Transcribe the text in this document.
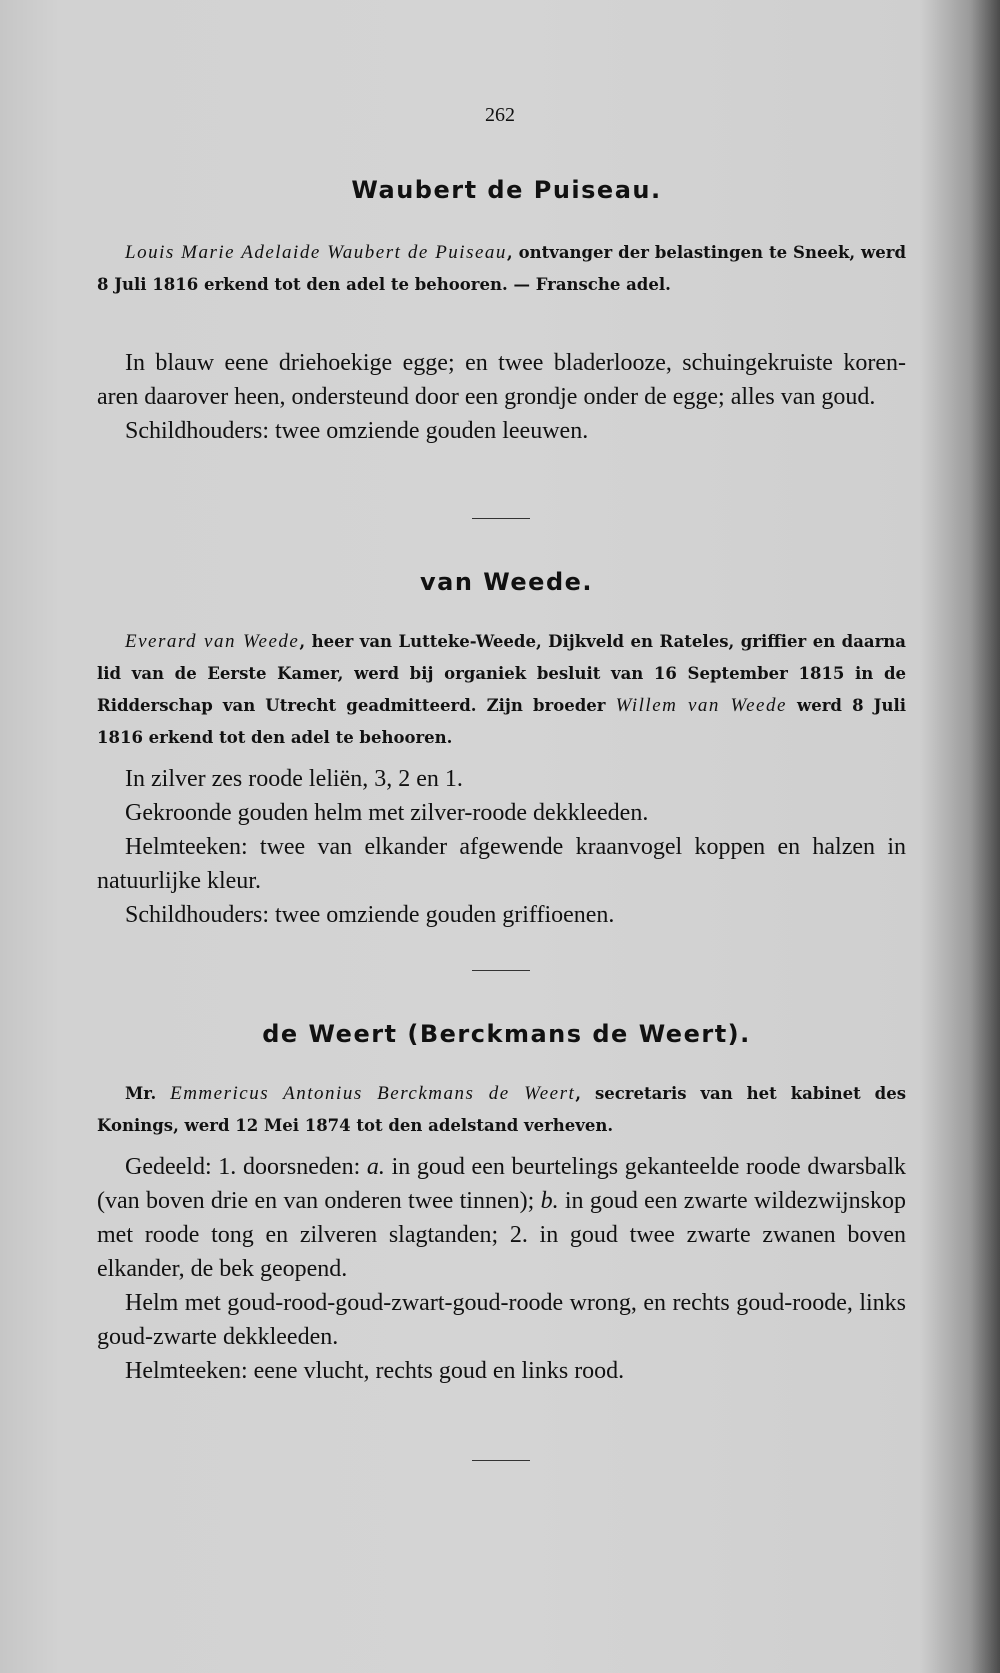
262
Waubert de Puiseau.

Louis Marie Adelaide Waubert de Puiseau, ontvanger der belastingen te Sneek, werd 8 Juli 1816 erkend tot den adel te behooren. — Fransche adel.

In blauw eene driehoekige egge; en twee bladerlooze, schuingekruiste koren-aren daarover heen, ondersteund door een grondje onder de egge; alles van goud.

Schildhouders: twee omziende gouden leeuwen.

van Weede.

Everard van Weede, heer van Lutteke-Weede, Dijkveld en Rateles, griffier en daarna lid van de Eerste Kamer, werd bij organiek besluit van 16 September 1815 in de Ridderschap van Utrecht geadmitteerd. Zijn broeder Willem van Weede werd 8 Juli 1816 erkend tot den adel te behooren.

In zilver zes roode leliën, 3, 2 en 1.

Gekroonde gouden helm met zilver-roode dekkleeden.

Helmteeken: twee van elkander afgewende kraanvogel koppen en halzen in natuurlijke kleur.

Schildhouders: twee omziende gouden griffioenen.

de Weert (Berckmans de Weert).

Mr. Emmericus Antonius Berckmans de Weert, secretaris van het kabinet des Konings, werd 12 Mei 1874 tot den adelstand verheven.

Gedeeld: 1. doorsneden: a. in goud een beurtelings gekanteelde roode dwarsbalk (van boven drie en van onderen twee tinnen); b. in goud een zwarte wildezwijnskop met roode tong en zilveren slagtanden; 2. in goud twee zwarte zwanen boven elkander, de bek geopend.

Helm met goud-rood-goud-zwart-goud-roode wrong, en rechts goud-roode, links goud-zwarte dekkleeden.

Helmteeken: eene vlucht, rechts goud en links rood.
